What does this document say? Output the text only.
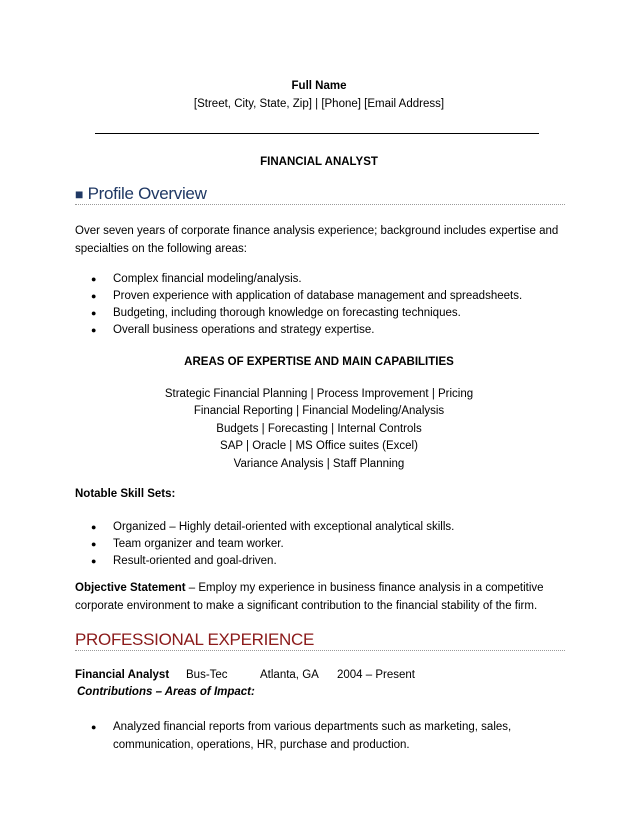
Full Name
[Street, City, State, Zip] | [Phone] [Email Address]
FINANCIAL ANALYST
■ Profile Overview
Over seven years of corporate finance analysis experience; background includes expertise and
specialties on the following areas:
● Complex financial modeling/analysis.
● Proven experience with application of database management and spreadsheets.
● Budgeting, including thorough knowledge on forecasting techniques.
● Overall business operations and strategy expertise.
AREAS OF EXPERTISE AND MAIN CAPABILITIES
Strategic Financial Planning | Process Improvement | Pricing
Financial Reporting | Financial Modeling/Analysis
Budgets | Forecasting | Internal Controls
SAP | Oracle | MS Office suites (Excel)
Variance Analysis | Staff Planning
Notable Skill Sets:
● Organized – Highly detail-oriented with exceptional analytical skills.
● Team organizer and team worker.
● Result-oriented and goal-driven.
Objective Statement – Employ my experience in business finance analysis in a competitive
corporate environment to make a significant contribution to the financial stability of the firm.
PROFESSIONAL EXPERIENCE
Financial Analyst Bus-Tec	Atlanta, GA 2004 – Present
Contributions – Areas of Impact:
● Analyzed financial reports from various departments such as marketing, sales,
communication, operations, HR, purchase and production.
